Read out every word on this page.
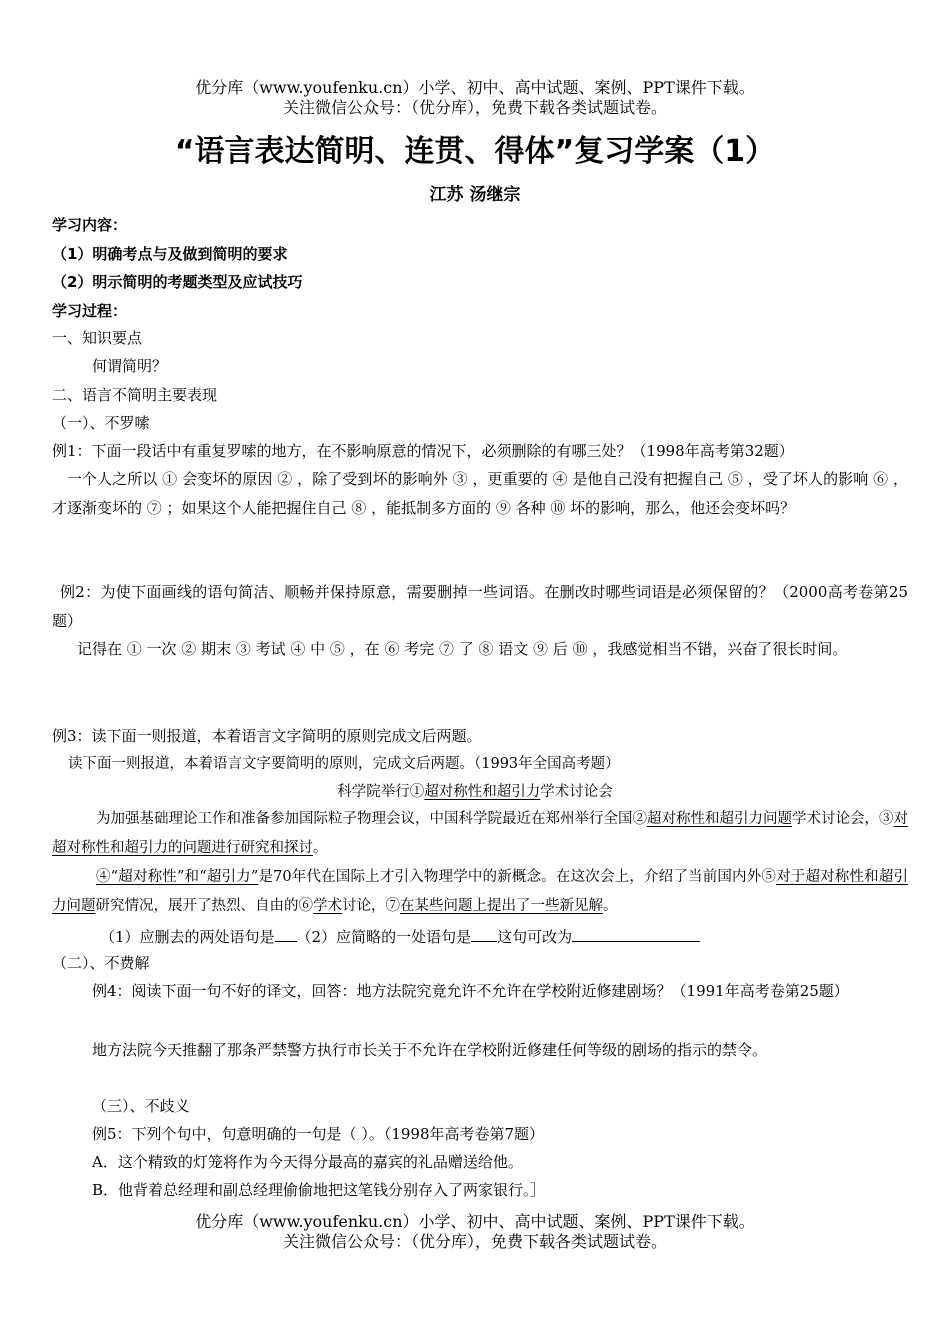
优分库（www.youfenku.cn）小学、初中、高中试题、案例、PPT课件下载。
关注微信公众号：（优分库），免费下载各类试题试卷。
“语言表达简明、连贯、得体”复习学案（1）
江苏 汤继宗
学习内容：
（1）明确考点与及做到简明的要求
（2）明示简明的考题类型及应试技巧
学习过程：
一、知识要点
何谓简明？
二、语言不简明主要表现
（一）、不罗嗦
例1：下面一段话中有重复罗嗦的地方，在不影响原意的情况下，必须删除的有哪三处？（1998年高考第32题）
一个人之所以 ① 会变坏的原因 ② ，除了受到坏的影响外 ③ ，更重要的 ④ 是他自己没有把握自己 ⑤ ，受了坏人的影响 ⑥ ，才逐渐变坏的 ⑦ ；如果这个人能把握住自己 ⑧ ，能抵制多方面的 ⑨ 各种 ⑩ 坏的影响，那么，他还会变坏吗？
例2：为使下面画线的语句简洁、顺畅并保持原意，需要删掉一些词语。在删改时哪些词语是必须保留的？（2000高考卷第25题）
记得在 ① 一次 ② 期末 ③ 考试 ④ 中 ⑤ ，在 ⑥ 考完 ⑦ 了 ⑧ 语文 ⑨ 后 ⑩ ，我感觉相当不错，兴奋了很长时间。
例3：读下面一则报道，本着语言文字简明的原则完成文后两题。
读下面一则报道，本着语言文字要简明的原则，完成文后两题。（1993年全国高考题）
科学院举行①超对称性和超引力学术讨论会
为加强基础理论工作和准备参加国际粒子物理会议，中国科学院最近在郑州举行全国②超对称性和超引力问题学术讨论会，③对超对称性和超引力的问题进行研究和探讨。
④“超对称性”和“超引力”是70年代在国际上才引入物理学中的新概念。在这次会上，介绍了当前国内外⑤对于超对称性和超引力问题研究情况，展开了热烈、自由的⑥学术讨论，⑦在某些问题上提出了一些新见解。
（1）应删去的两处语句是 （2）应简略的一处语句是 这句可改为
（二）、不费解
例4：阅读下面一句不好的译文，回答：地方法院究竟允许不允许在学校附近修建剧场？（1991年高考卷第25题）
地方法院今天推翻了那条严禁警方执行市长关于不允许在学校附近修建任何等级的剧场的指示的禁令。
（三）、不歧义
例5：下列个句中，句意明确的一句是（ ）。（1998年高考卷第7题）
A．这个精致的灯笼将作为今天得分最高的嘉宾的礼品赠送给他。
B．他背着总经理和副总经理偷偷地把这笔钱分别存入了两家银行。］
优分库（www.youfenku.cn）小学、初中、高中试题、案例、PPT课件下载。
关注微信公众号：（优分库），免费下载各类试题试卷。
